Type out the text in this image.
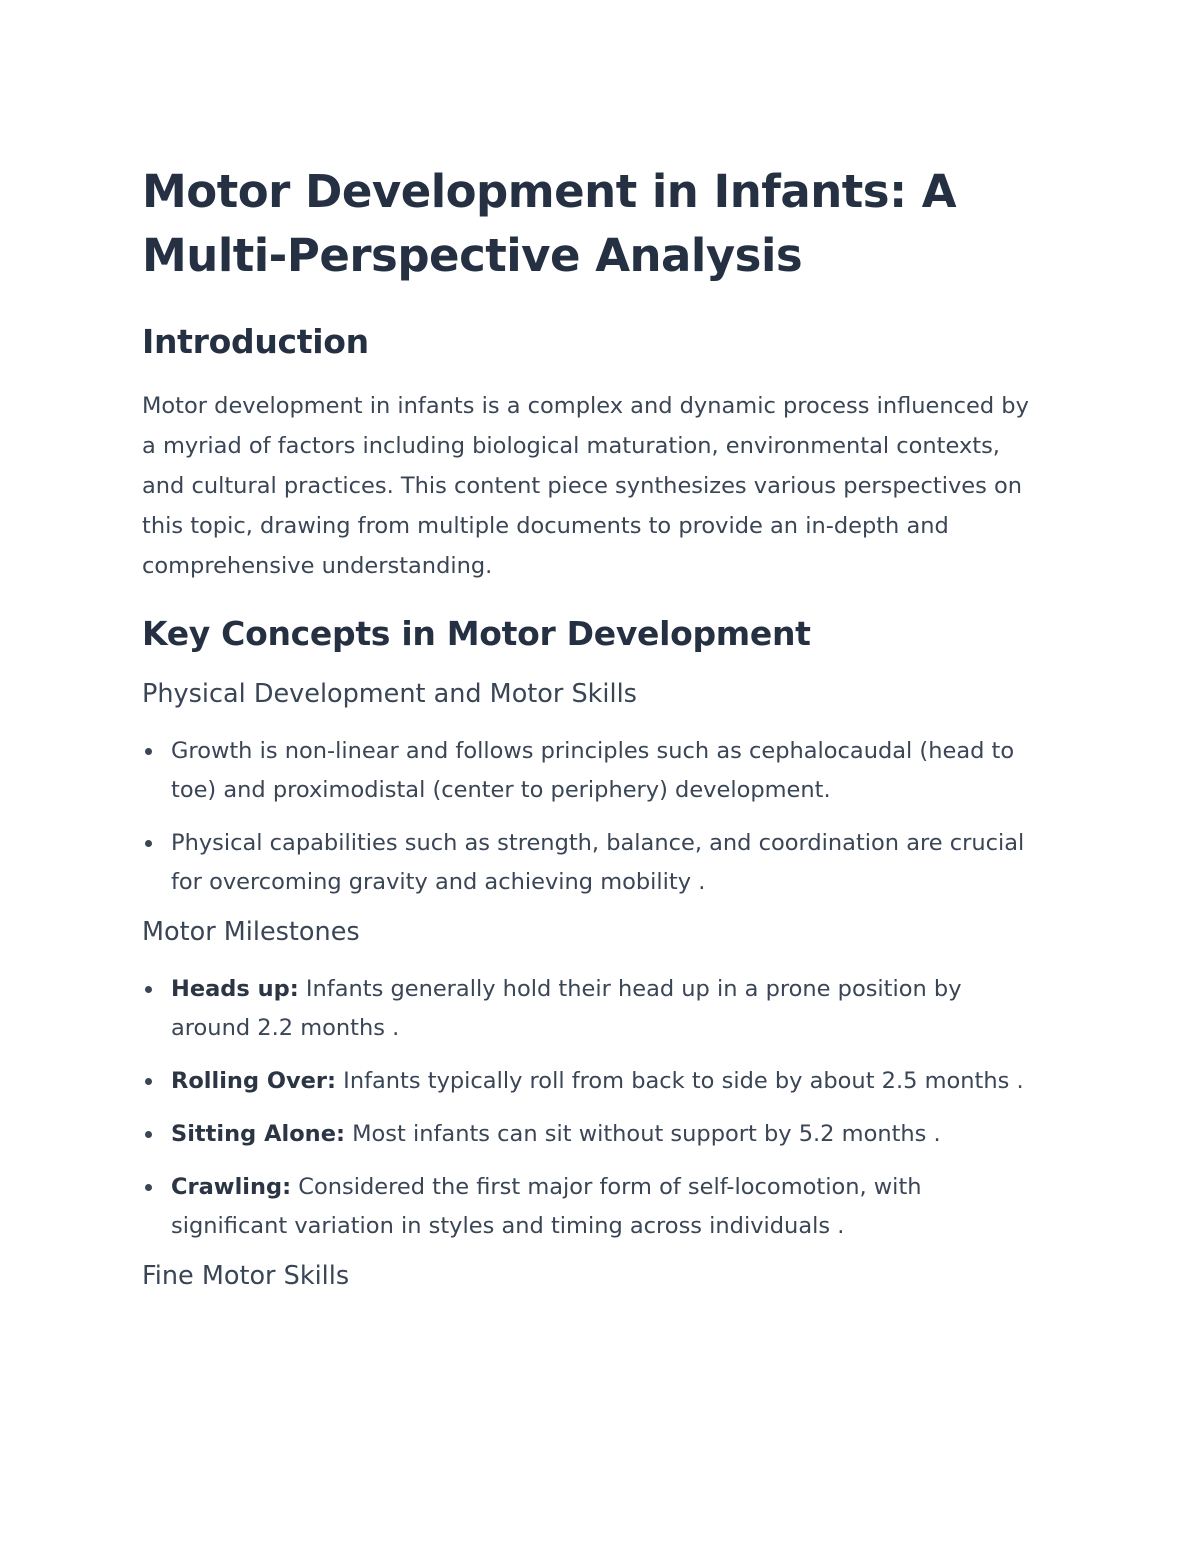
Motor Development in Infants: A Multi-Perspective Analysis
Introduction

Motor development in infants is a complex and dynamic process influenced by a myriad of factors including biological maturation, environmental contexts, and cultural practices. This content piece synthesizes various perspectives on this topic, drawing from multiple documents to provide an in-depth and comprehensive understanding.

Key Concepts in Motor Development
Physical Development and Motor Skills
Growth is non-linear and follows principles such as cephalocaudal (head to toe) and proximodistal (center to periphery) development.
Physical capabilities such as strength, balance, and coordination are crucial for overcoming gravity and achieving mobility .
Motor Milestones
Heads up: Infants generally hold their head up in a prone position by around 2.2 months .
Rolling Over: Infants typically roll from back to side by about 2.5 months .
Sitting Alone: Most infants can sit without support by 5.2 months .
Crawling: Considered the first major form of self-locomotion, with significant variation in styles and timing across individuals .
Fine Motor Skills
